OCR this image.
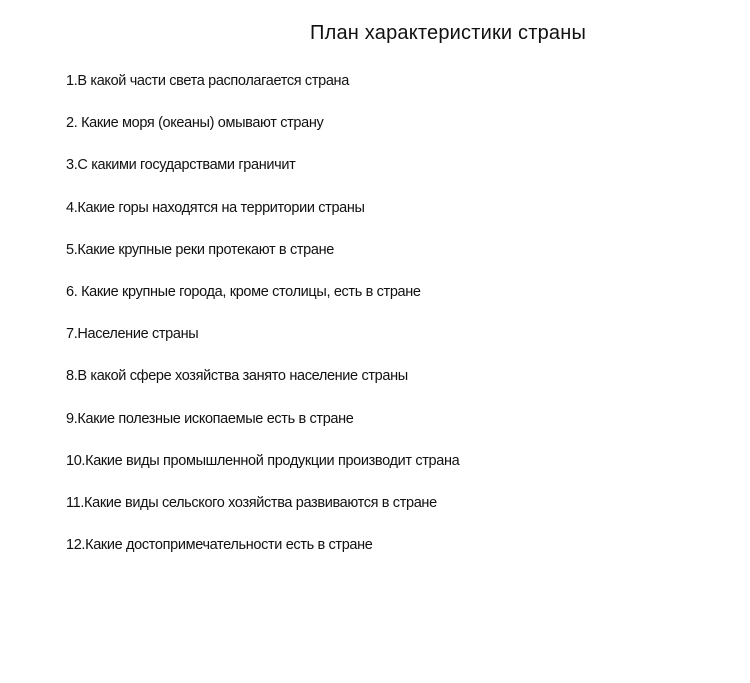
План характеристики страны
1.В какой части света располагается страна
2. Какие моря (океаны) омывают страну
3.С какими государствами граничит
4.Какие горы находятся на территории страны
5.Какие крупные реки протекают в стране
6. Какие крупные города, кроме столицы, есть в стране
7.Население страны
8.В какой сфере хозяйства занято население страны
9.Какие полезные ископаемые есть в стране
10.Какие виды промышленной продукции производит страна
11.Какие виды сельского хозяйства развиваются в стране
12.Какие достопримечательности есть в стране
